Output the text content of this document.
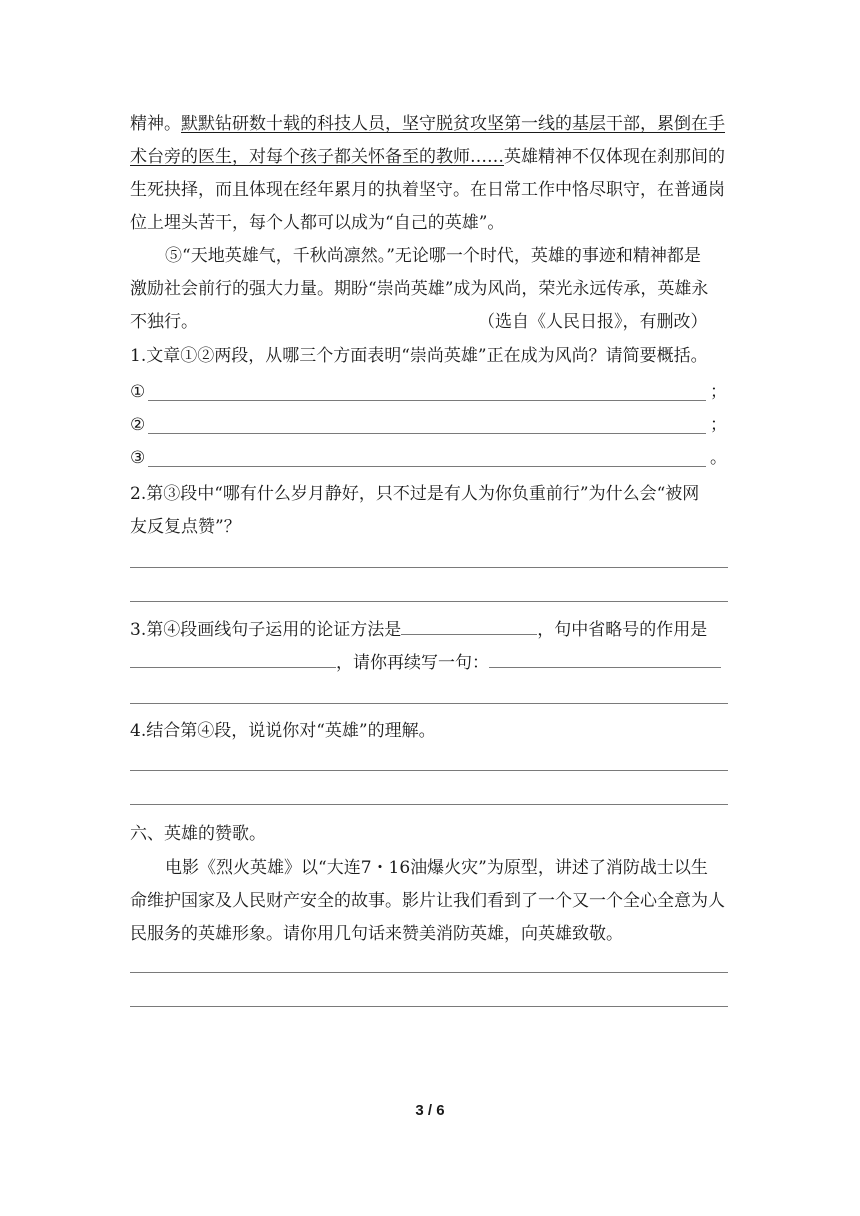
精神。默默钻研数十载的科技人员，坚守脱贫攻坚第一线的基层干部，累倒在手
术台旁的医生，对每个孩子都关怀备至的教师……英雄精神不仅体现在刹那间的
生死抉择，而且体现在经年累月的执着坚守。在日常工作中恪尽职守，在普通岗
位上埋头苦干，每个人都可以成为“自己的英雄”。
⑤“天地英雄气，千秋尚凛然。”无论哪一个时代，英雄的事迹和精神都是
激励社会前行的强大力量。期盼“崇尚英雄”成为风尚，荣光永远传承，英雄永
不独行。	（选自《人民日报》，有删改）
1.文章①②两段，从哪三个方面表明“崇尚英雄”正在成为风尚？请简要概括。
①	；
②	；
③	。
2.第③段中“哪有什么岁月静好，只不过是有人为你负重前行”为什么会“被网
友反复点赞”？
3.第④段画线句子运用的论证方法是	，句中省略号的作用是
，请你再续写一句：
4.结合第④段，说说你对“英雄”的理解。
六、英雄的赞歌。
电影《烈火英雄》以“大连7・16油爆火灾”为原型，讲述了消防战士以生
命维护国家及人民财产安全的故事。影片让我们看到了一个又一个全心全意为人
民服务的英雄形象。请你用几句话来赞美消防英雄，向英雄致敬。
3 / 6
